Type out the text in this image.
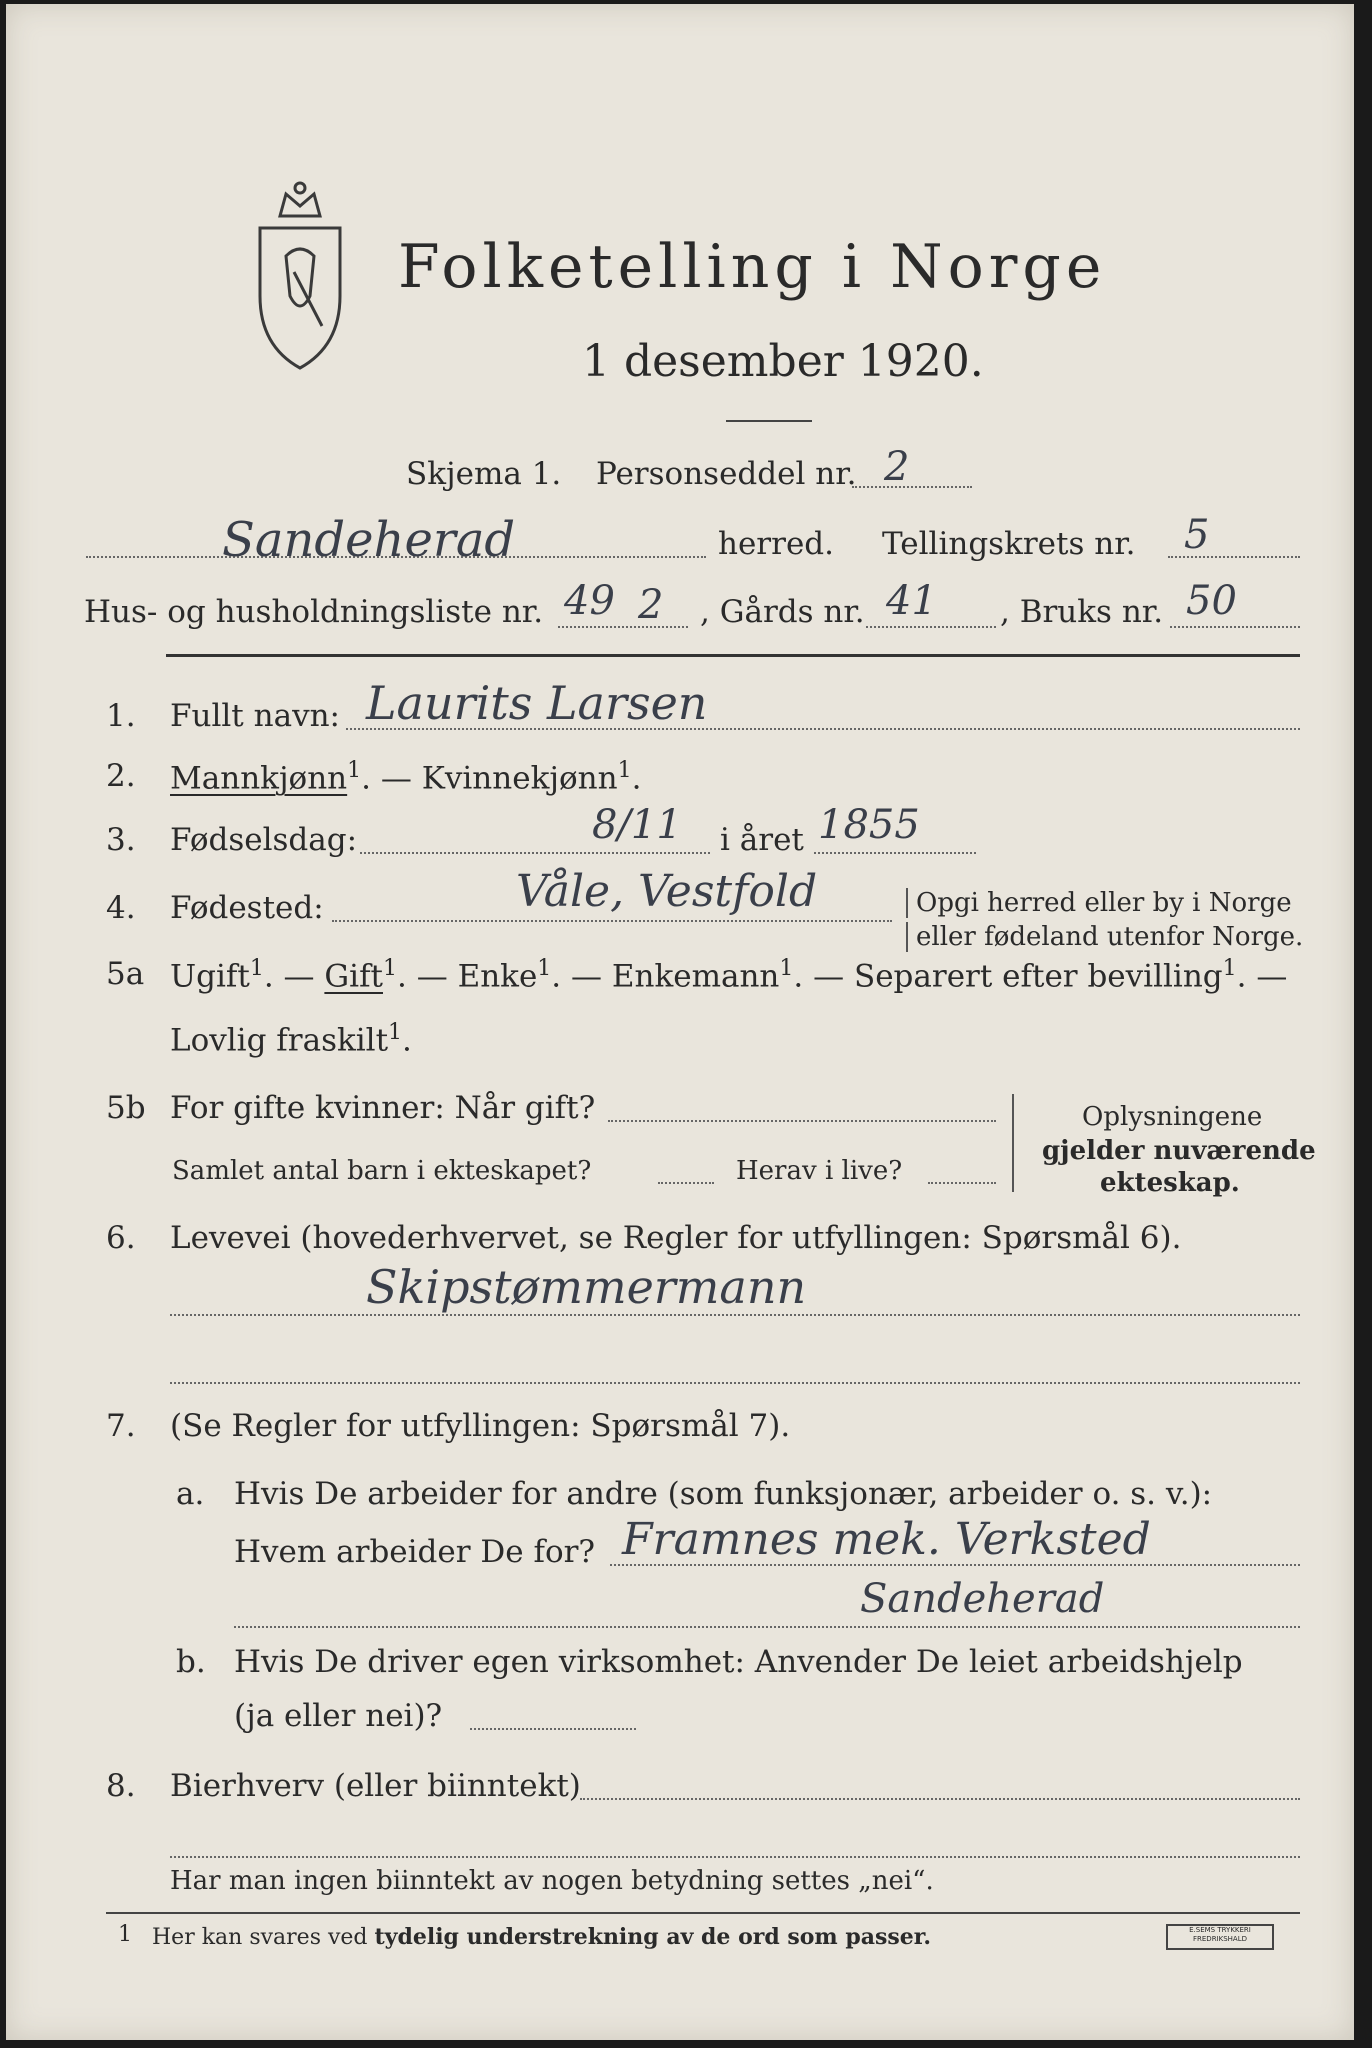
Folketelling i Norge
1 desember 1920.
Skjema 1. Personseddel nr. 2
Sandeherad	herred. Tellingskrets nr. 5
Hus- og husholdningsliste nr. 49 2 , Gårds nr. 41 , Bruks nr. 50
1. Fullt navn: Laurits Larsen
2. Mannkjønn$^1$. — Kvinnekjønn$^1$.
3. Fødselsdag:	8/11 i året 1855
4. Fødested:	Våle, Vestfold	Opgi herred eller by i Norge
eller fødeland utenfor Norge.
5a Ugift$^1$. — Gift$^1$. — Enke$^1$. — Enkemann$^1$. — Separert efter bevilling$^1$. —
Lovlig fraskilt$^1$.
5b For gifte kvinner: Når gift?
Samlet antal barn i ekteskapet?	Herav i live?
Oplysningene
gjelder nuværende
ekteskap.
6. Levevei (hovederhvervet, se Regler for utfyllingen: Spørsmål 6).
Skipstømmermann
7. (Se Regler for utfyllingen: Spørsmål 7).
a. Hvis De arbeider for andre (som funksjonær, arbeider o. s. v.):
Hvem arbeider De for? Framnes mek. Verksted
Sandeherad
b. Hvis De driver egen virksomhet: Anvender De leiet arbeidshjelp
(ja eller nei)?
8. Bierhverv (eller biinntekt)
Har man ingen biinntekt av nogen betydning settes „nei“.
1 Her kan svares ved tydelig understrekning av de ord som passer.	E.SEMS TRYKKERI FREDRIKSHALD
